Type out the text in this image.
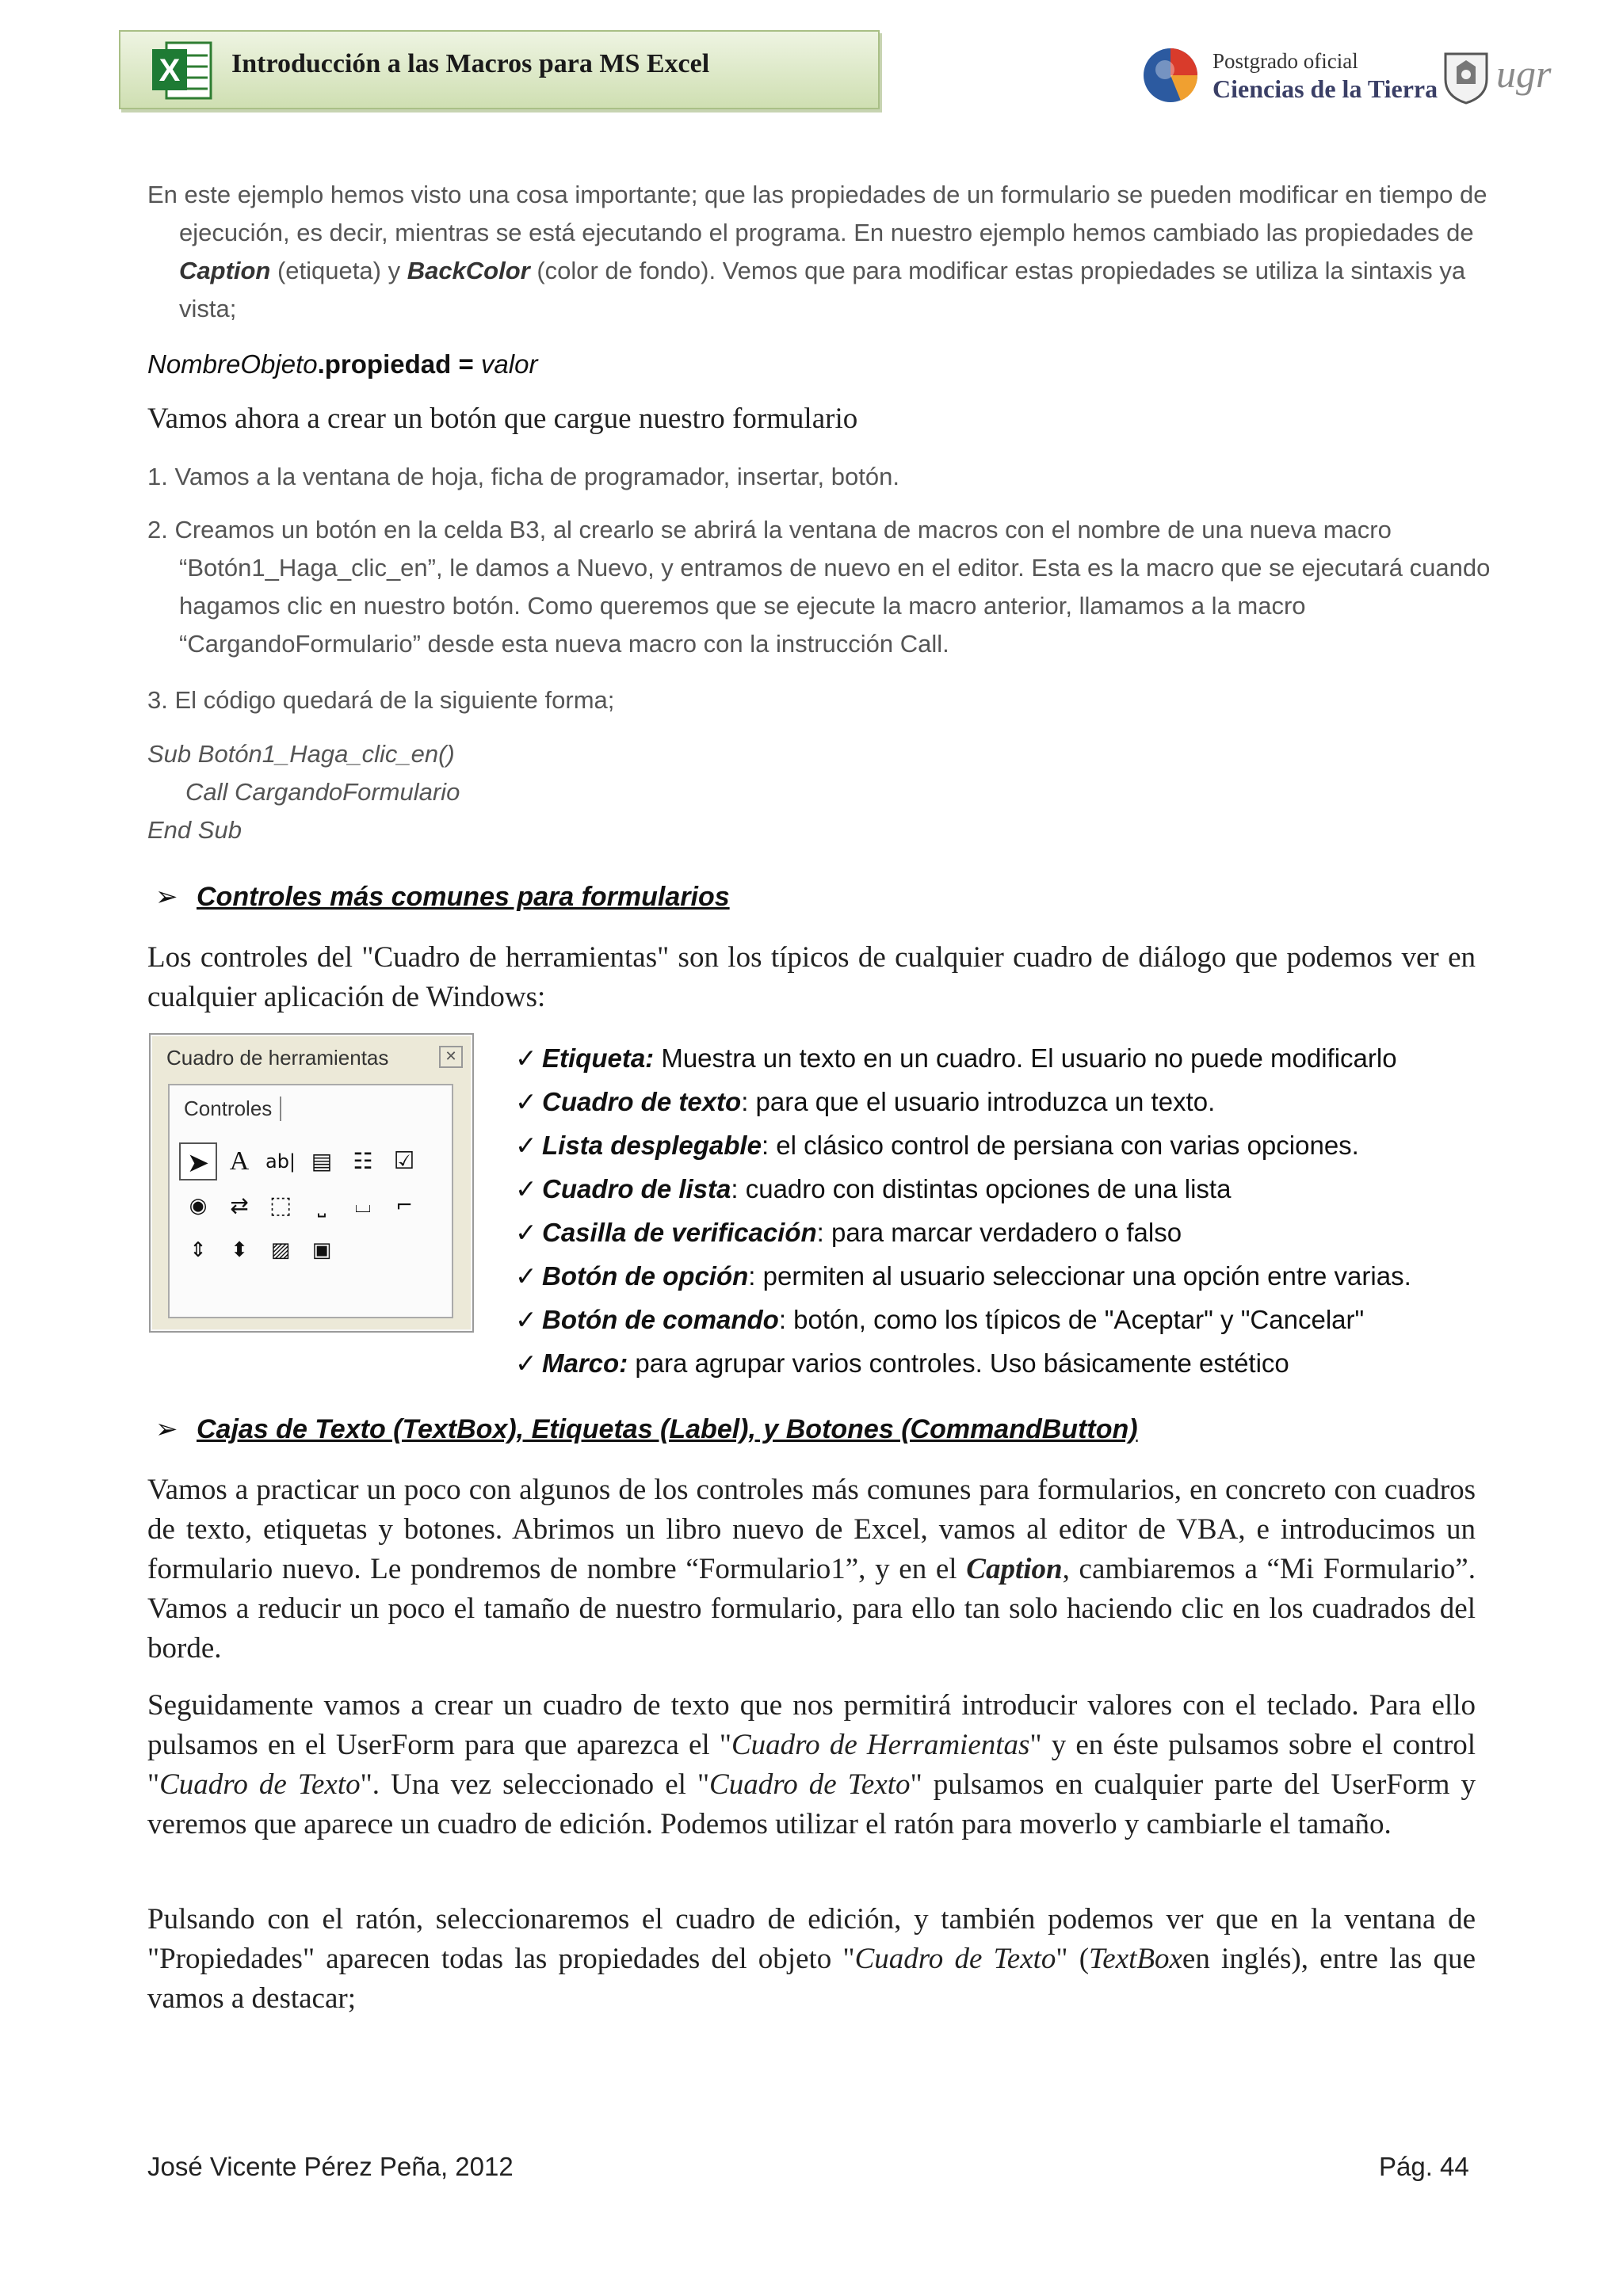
X Introducción a las Macros para MS Excel	Postgrado oficial
Ciencias de la Tierra ugr
En este ejemplo hemos visto una cosa importante; que las propiedades de un formulario se pueden modificar en tiempo de ejecución, es decir, mientras se está ejecutando el programa. En nuestro ejemplo hemos cambiado las propiedades de Caption (etiqueta) y BackColor (color de fondo). Vemos que para modificar estas propiedades se utiliza la sintaxis ya vista;
NombreObjeto.propiedad = valor
Vamos ahora a crear un botón que cargue nuestro formulario
1. Vamos a la ventana de hoja, ficha de programador, insertar, botón.
2. Creamos un botón en la celda B3, al crearlo se abrirá la ventana de macros con el nombre de una nueva macro “Botón1_Haga_clic_en”, le damos a Nuevo, y entramos de nuevo en el editor. Esta es la macro que se ejecutará cuando hagamos clic en nuestro botón. Como queremos que se ejecute la macro anterior, llamamos a la macro “CargandoFormulario” desde esta nueva macro con la instrucción Call.
3. El código quedará de la siguiente forma;
Sub Botón1_Haga_clic_en()
Call CargandoFormulario
End Sub
➢ Controles más comunes para formularios
Los controles del "Cuadro de herramientas" son los típicos de cualquier cuadro de diálogo que podemos ver en cualquier aplicación de Windows:
Cuadro de herramientas	✕
Controles
➤ A ab| ▤ ☷ ☑
◉	⇄ ⬚	⎵	⌴	⌐
⇕	⬍	▨	▣
✓ Etiqueta: Muestra un texto en un cuadro. El usuario no puede modificarlo
✓ Cuadro de texto: para que el usuario introduzca un texto.
✓ Lista desplegable: el clásico control de persiana con varias opciones.
✓ Cuadro de lista: cuadro con distintas opciones de una lista
✓ Casilla de verificación: para marcar verdadero o falso
✓ Botón de opción: permiten al usuario seleccionar una opción entre varias.
✓ Botón de comando: botón, como los típicos de "Aceptar" y "Cancelar"
✓ Marco: para agrupar varios controles. Uso básicamente estético
➢ Cajas de Texto (TextBox), Etiquetas (Label), y Botones (CommandButton)
Vamos a practicar un poco con algunos de los controles más comunes para formularios, en concreto con cuadros de texto, etiquetas y botones. Abrimos un libro nuevo de Excel, vamos al editor de VBA, e introducimos un formulario nuevo. Le pondremos de nombre “Formulario1”, y en el Caption, cambiaremos a “Mi Formulario”. Vamos a reducir un poco el tamaño de nuestro formulario, para ello tan solo haciendo clic en los cuadrados del borde.
Seguidamente vamos a crear un cuadro de texto que nos permitirá introducir valores con el teclado. Para ello pulsamos en el UserForm para que aparezca el "Cuadro de Herramientas" y en éste pulsamos sobre el control "Cuadro de Texto". Una vez seleccionado el "Cuadro de Texto" pulsamos en cualquier parte del UserForm y veremos que aparece un cuadro de edición. Podemos utilizar el ratón para moverlo y cambiarle el tamaño.
Pulsando con el ratón, seleccionaremos el cuadro de edición, y también podemos ver que en la ventana de "Propiedades" aparecen todas las propiedades del objeto "Cuadro de Texto" (TextBoxen inglés), entre las que vamos a destacar;
José Vicente Pérez Peña, 2012	Pág. 44
